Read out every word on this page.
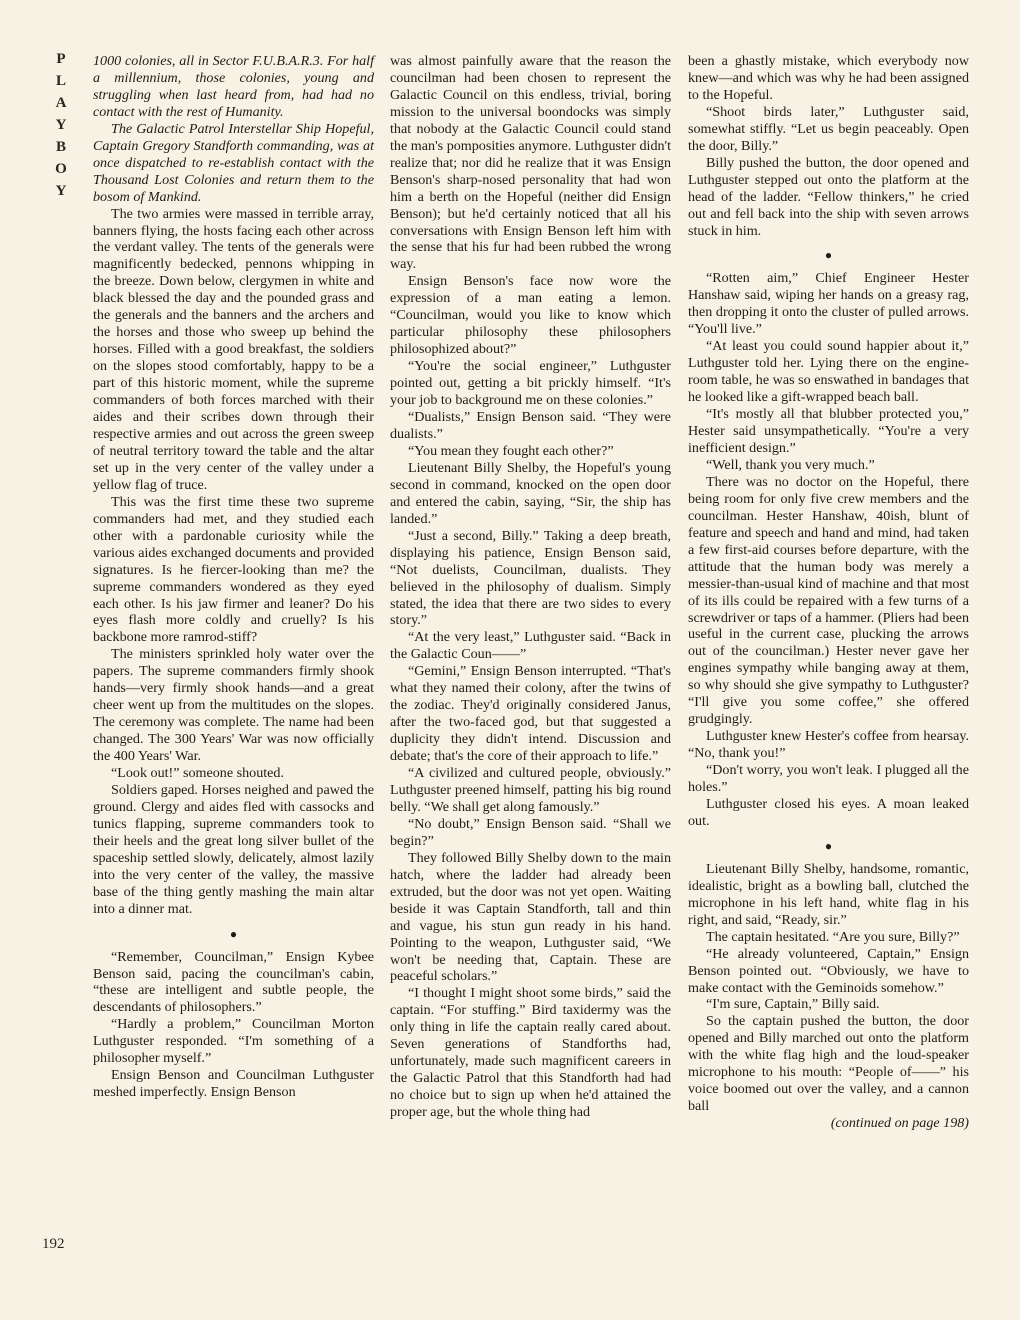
P
L
A
Y
B
O
Y

1000 colonies, all in Sector F.U.B.A.R.3. For half a millennium, those colonies, young and struggling when last heard from, had had no contact with the rest of Humanity.

The Galactic Patrol Interstellar Ship Hopeful, Captain Gregory Standforth commanding, was at once dispatched to re-establish contact with the Thousand Lost Colonies and return them to the bosom of Mankind.

The two armies were massed in terrible array, banners flying, the hosts facing each other across the verdant valley. The tents of the generals were magnificently bedecked, pennons whipping in the breeze. Down below, clergymen in white and black blessed the day and the pounded grass and the generals and the banners and the archers and the horses and those who sweep up behind the horses. Filled with a good breakfast, the soldiers on the slopes stood comfortably, happy to be a part of this historic moment, while the supreme commanders of both forces marched with their aides and their scribes down through their respective armies and out across the green sweep of neutral territory toward the table and the altar set up in the very center of the valley under a yellow flag of truce.

This was the first time these two supreme commanders had met, and they studied each other with a pardonable curiosity while the various aides exchanged documents and provided signatures. Is he fiercer-looking than me? the supreme commanders wondered as they eyed each other. Is his jaw firmer and leaner? Do his eyes flash more coldly and cruelly? Is his backbone more ramrod-stiff?

The ministers sprinkled holy water over the papers. The supreme commanders firmly shook hands—very firmly shook hands—and a great cheer went up from the multitudes on the slopes. The ceremony was complete. The name had been changed. The 300 Years' War was now officially the 400 Years' War.

“Look out!” someone shouted.

Soldiers gaped. Horses neighed and pawed the ground. Clergy and aides fled with cassocks and tunics flapping, supreme commanders took to their heels and the great long silver bullet of the spaceship settled slowly, delicately, almost lazily into the very center of the valley, the massive base of the thing gently mashing the main altar into a dinner mat.

●

“Remember, Councilman,” Ensign Kybee Benson said, pacing the councilman's cabin, “these are intelligent and subtle people, the descendants of philosophers.”

“Hardly a problem,” Councilman Morton Luthguster responded. “I'm something of a philosopher myself.”

Ensign Benson and Councilman Luthguster meshed imperfectly. Ensign Benson

was almost painfully aware that the reason the councilman had been chosen to represent the Galactic Council on this endless, trivial, boring mission to the universal boondocks was simply that nobody at the Galactic Council could stand the man's pomposities anymore. Luthguster didn't realize that; nor did he realize that it was Ensign Benson's sharp-nosed personality that had won him a berth on the Hopeful (neither did Ensign Benson); but he'd certainly noticed that all his conversations with Ensign Benson left him with the sense that his fur had been rubbed the wrong way.

Ensign Benson's face now wore the expression of a man eating a lemon. “Councilman, would you like to know which particular philosophy these philosophers philosophized about?”

“You're the social engineer,” Luthguster pointed out, getting a bit prickly himself. “It's your job to background me on these colonies.”

“Dualists,” Ensign Benson said. “They were dualists.”

“You mean they fought each other?”

Lieutenant Billy Shelby, the Hopeful's young second in command, knocked on the open door and entered the cabin, saying, “Sir, the ship has landed.”

“Just a second, Billy.” Taking a deep breath, displaying his patience, Ensign Benson said, “Not duelists, Councilman, dualists. They believed in the philosophy of dualism. Simply stated, the idea that there are two sides to every story.”

“At the very least,” Luthguster said. “Back in the Galactic Coun——”

“Gemini,” Ensign Benson interrupted. “That's what they named their colony, after the twins of the zodiac. They'd originally considered Janus, after the two-faced god, but that suggested a duplicity they didn't intend. Discussion and debate; that's the core of their approach to life.”

“A civilized and cultured people, obviously.” Luthguster preened himself, patting his big round belly. “We shall get along famously.”

“No doubt,” Ensign Benson said. “Shall we begin?”

They followed Billy Shelby down to the main hatch, where the ladder had already been extruded, but the door was not yet open. Waiting beside it was Captain Standforth, tall and thin and vague, his stun gun ready in his hand. Pointing to the weapon, Luthguster said, “We won't be needing that, Captain. These are peaceful scholars.”

“I thought I might shoot some birds,” said the captain. “For stuffing.” Bird taxidermy was the only thing in life the captain really cared about. Seven generations of Standforths had, unfortunately, made such magnificent careers in the Galactic Patrol that this Standforth had had no choice but to sign up when he'd attained the proper age, but the whole thing had

been a ghastly mistake, which everybody now knew—and which was why he had been assigned to the Hopeful.

“Shoot birds later,” Luthguster said, somewhat stiffly. “Let us begin peaceably. Open the door, Billy.”

Billy pushed the button, the door opened and Luthguster stepped out onto the platform at the head of the ladder. “Fellow thinkers,” he cried out and fell back into the ship with seven arrows stuck in him.

●

“Rotten aim,” Chief Engineer Hester Hanshaw said, wiping her hands on a greasy rag, then dropping it onto the cluster of pulled arrows. “You'll live.”

“At least you could sound happier about it,” Luthguster told her. Lying there on the engine-room table, he was so enswathed in bandages that he looked like a gift-wrapped beach ball.

“It's mostly all that blubber protected you,” Hester said unsympathetically. “You're a very inefficient design.”

“Well, thank you very much.”

There was no doctor on the Hopeful, there being room for only five crew members and the councilman. Hester Hanshaw, 40ish, blunt of feature and speech and hand and mind, had taken a few first-aid courses before departure, with the attitude that the human body was merely a messier-than-usual kind of machine and that most of its ills could be repaired with a few turns of a screwdriver or taps of a hammer. (Pliers had been useful in the current case, plucking the arrows out of the councilman.) Hester never gave her engines sympathy while banging away at them, so why should she give sympathy to Luthguster? “I'll give you some coffee,” she offered grudgingly.

Luthguster knew Hester's coffee from hearsay. “No, thank you!”

“Don't worry, you won't leak. I plugged all the holes.”

Luthguster closed his eyes. A moan leaked out.

●

Lieutenant Billy Shelby, handsome, romantic, idealistic, bright as a bowling ball, clutched the microphone in his left hand, white flag in his right, and said, “Ready, sir.”

The captain hesitated. “Are you sure, Billy?”

“He already volunteered, Captain,” Ensign Benson pointed out. “Obviously, we have to make contact with the Geminoids somehow.”

“I'm sure, Captain,” Billy said.

So the captain pushed the button, the door opened and Billy marched out onto the platform with the white flag high and the loud-speaker microphone to his mouth: “People of——” his voice boomed out over the valley, and a cannon ball

(continued on page 198)

192
